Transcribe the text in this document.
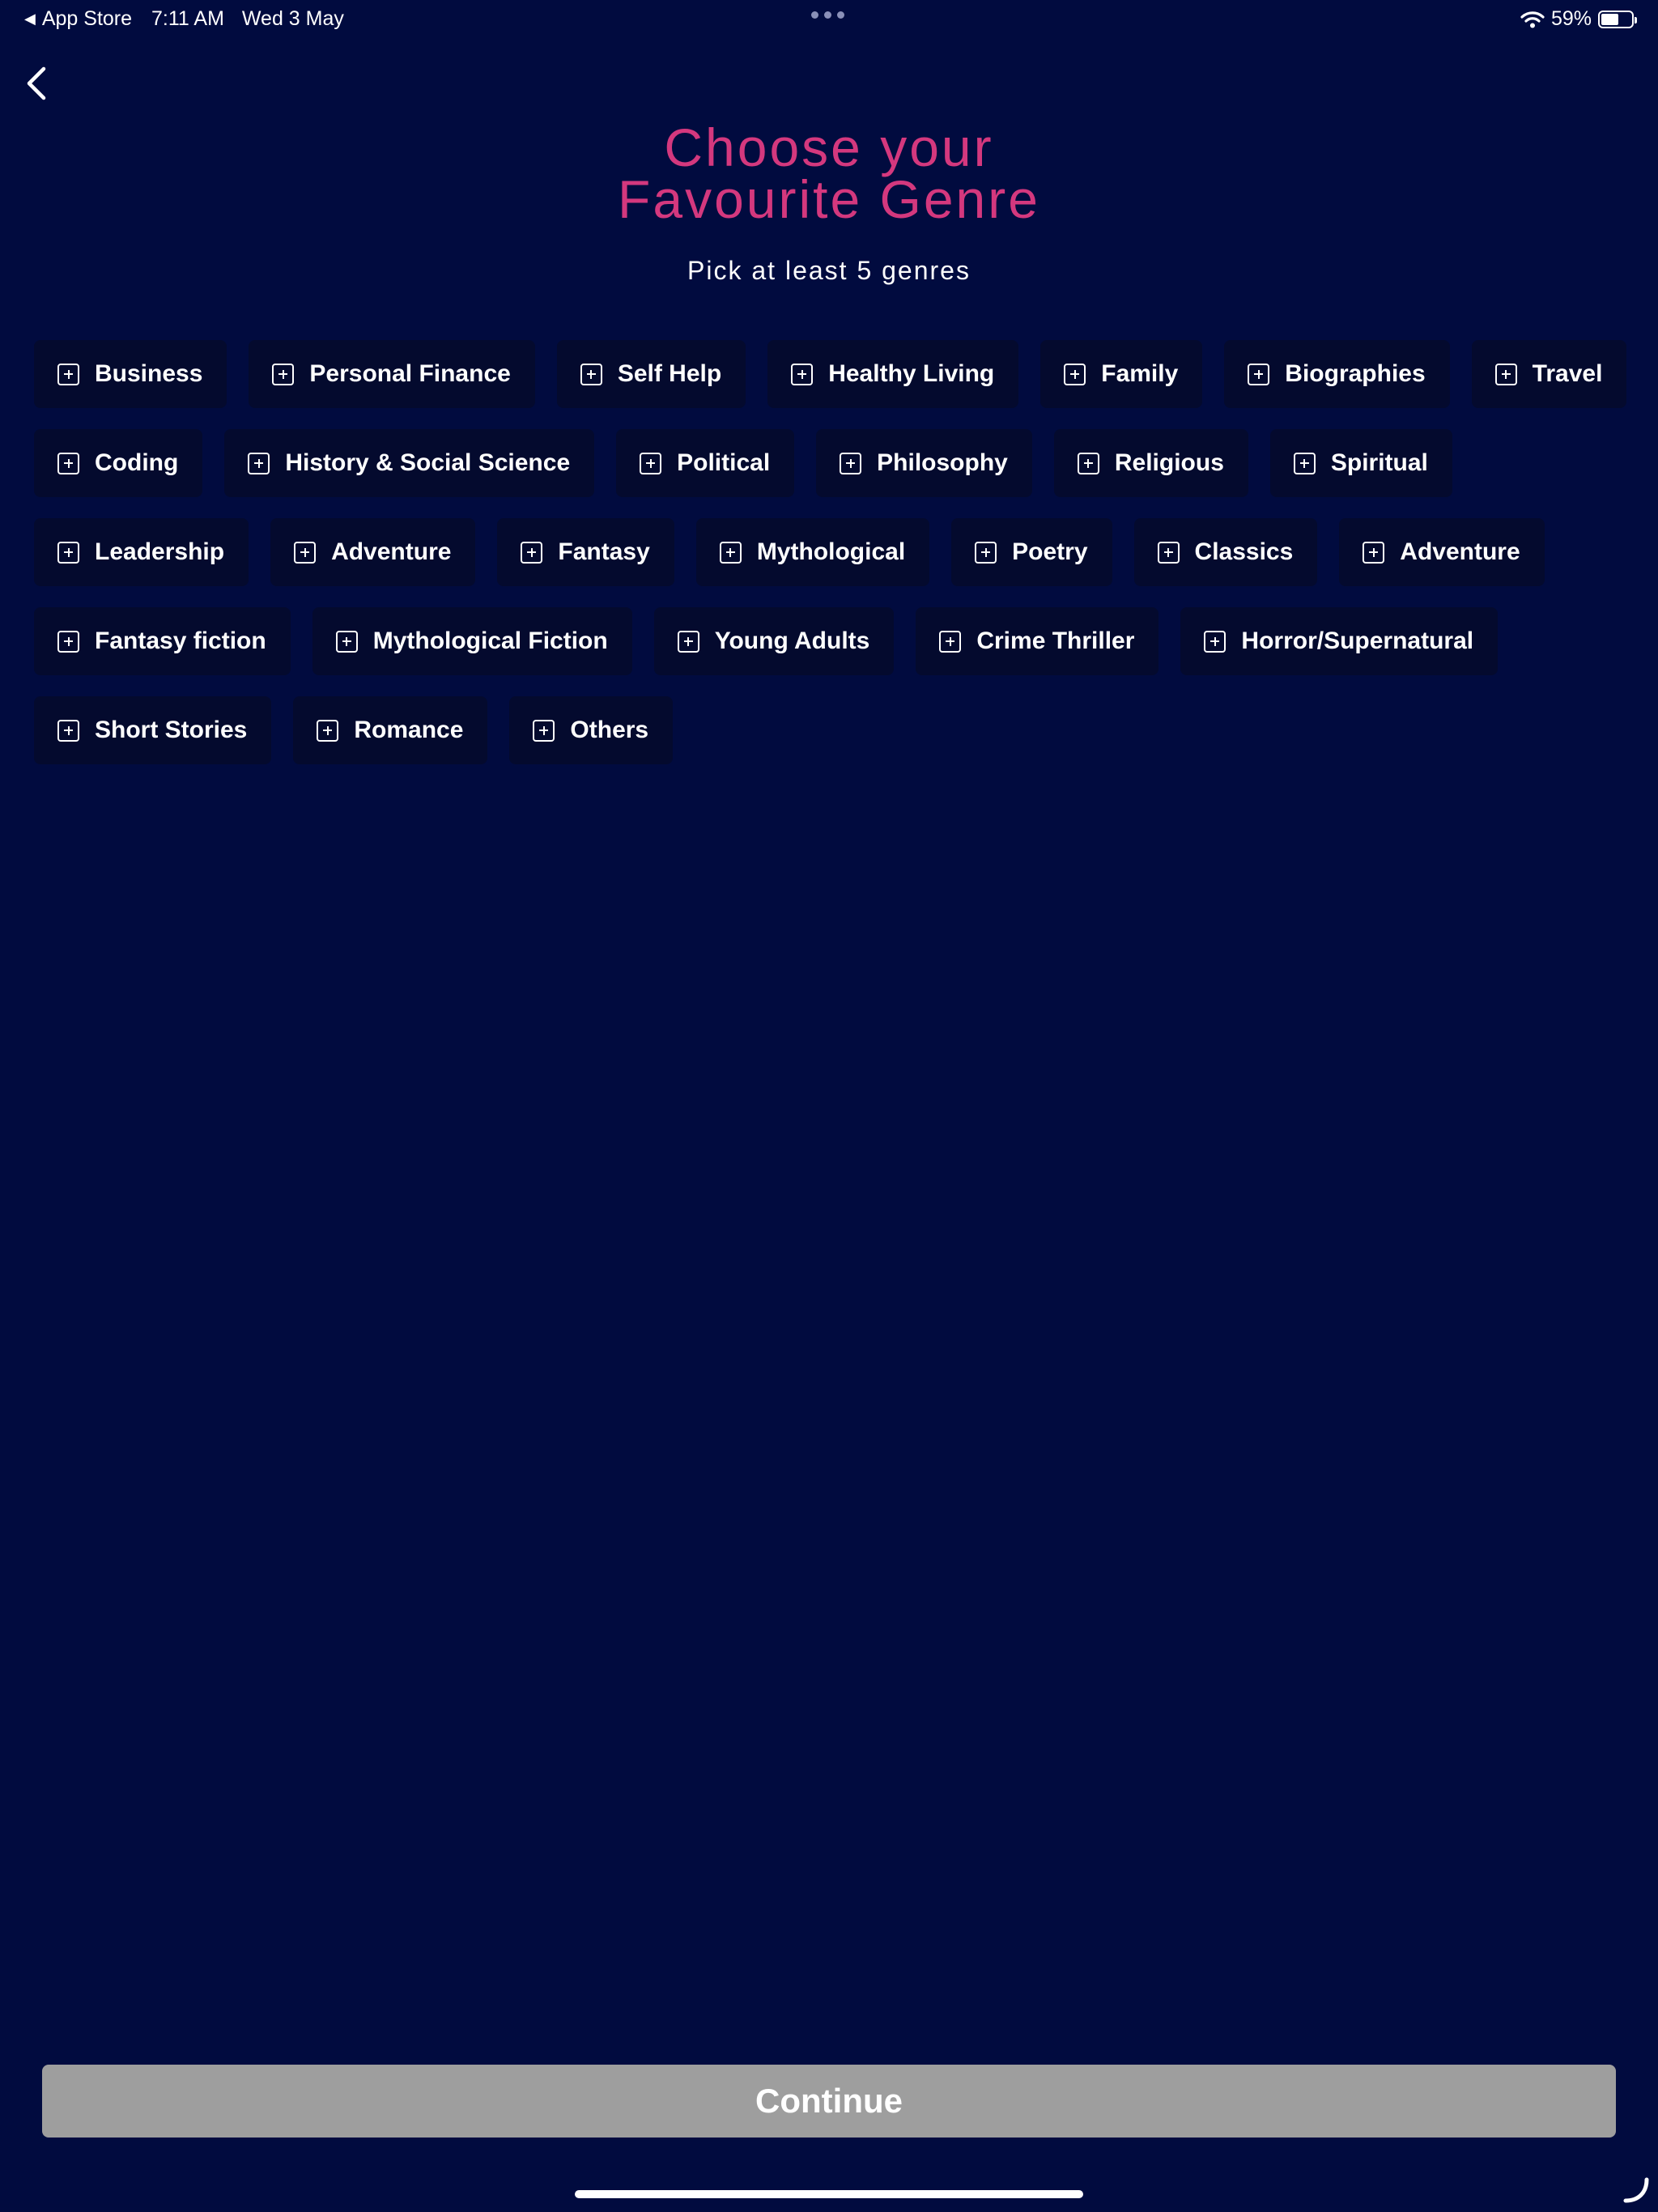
◀ App Store 7:11 AM Wed 3 May	59%
Choose your
Favourite Genre
Pick at least 5 genres
Business	Personal Finance	Self Help	Healthy Living	Family	Biographies	Travel
Coding	History & Social Science	Political	Philosophy	Religious	Spiritual
Leadership	Adventure	Fantasy	Mythological	Poetry	Classics	Adventure
Fantasy fiction	Mythological Fiction	Young Adults	Crime Thriller	Horror/Supernatural
Short Stories	Romance	Others
Continue
